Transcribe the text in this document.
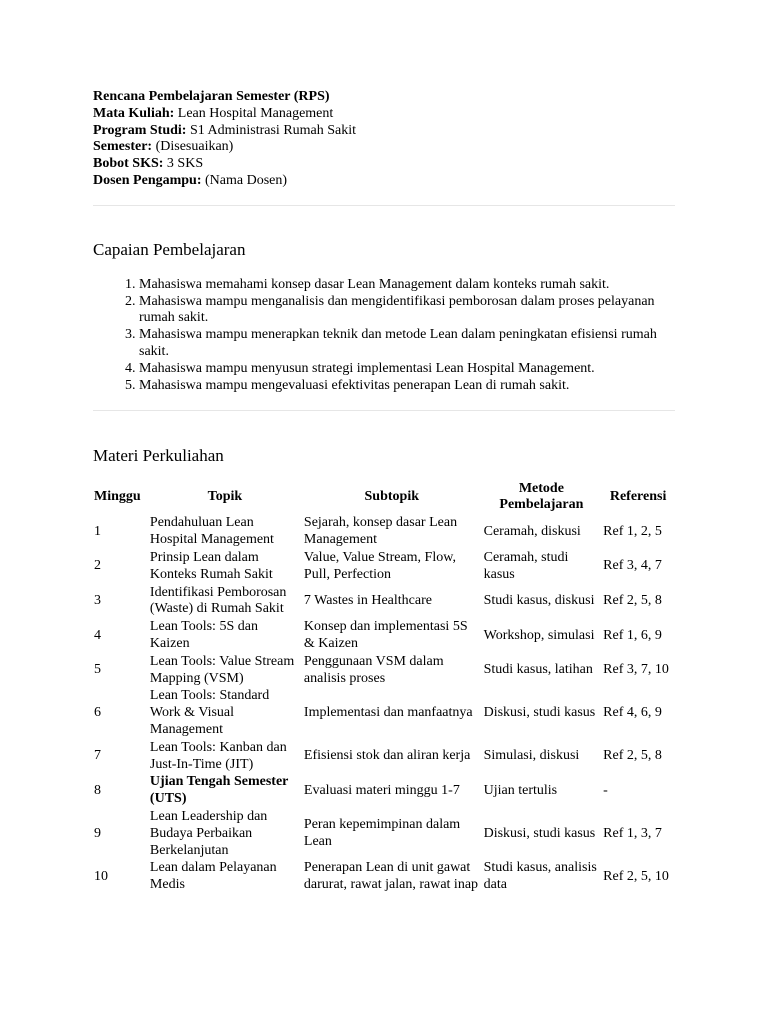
Rencana Pembelajaran Semester (RPS)
Mata Kuliah: Lean Hospital Management
Program Studi: S1 Administrasi Rumah Sakit
Semester: (Disesuaikan)
Bobot SKS: 3 SKS
Dosen Pengampu: (Nama Dosen)
Capaian Pembelajaran
1. Mahasiswa memahami konsep dasar Lean Management dalam konteks rumah sakit.
2. Mahasiswa mampu menganalisis dan mengidentifikasi pemborosan dalam proses pelayanan rumah sakit.
3. Mahasiswa mampu menerapkan teknik dan metode Lean dalam peningkatan efisiensi rumah sakit.
4. Mahasiswa mampu menyusun strategi implementasi Lean Hospital Management.
5. Mahasiswa mampu mengevaluasi efektivitas penerapan Lean di rumah sakit.
Materi Perkuliahan
Minggu	Topik	Subtopik	Metode Pembelajaran	Referensi
1	Pendahuluan Lean Hospital Management	Sejarah, konsep dasar Lean Management	Ceramah, diskusi	Ref 1, 2, 5
2	Prinsip Lean dalam Konteks Rumah Sakit	Value, Value Stream, Flow, Pull, Perfection	Ceramah, studi kasus	Ref 3, 4, 7
3	Identifikasi Pemborosan (Waste) di Rumah Sakit	7 Wastes in Healthcare	Studi kasus, diskusi	Ref 2, 5, 8
4	Lean Tools: 5S dan Kaizen	Konsep dan implementasi 5S & Kaizen	Workshop, simulasi	Ref 1, 6, 9
5	Lean Tools: Value Stream Mapping (VSM)	Penggunaan VSM dalam analisis proses	Studi kasus, latihan	Ref 3, 7, 10
6	Lean Tools: Standard Work & Visual Management	Implementasi dan manfaatnya	Diskusi, studi kasus	Ref 4, 6, 9
7	Lean Tools: Kanban dan Just-In-Time (JIT)	Efisiensi stok dan aliran kerja	Simulasi, diskusi	Ref 2, 5, 8
8	Ujian Tengah Semester (UTS)	Evaluasi materi minggu 1-7	Ujian tertulis	-
9	Lean Leadership dan Budaya Perbaikan Berkelanjutan	Peran kepemimpinan dalam Lean	Diskusi, studi kasus	Ref 1, 3, 7
10	Lean dalam Pelayanan Medis	Penerapan Lean di unit gawat darurat, rawat jalan, rawat inap	Studi kasus, analisis data	Ref 2, 5, 10
